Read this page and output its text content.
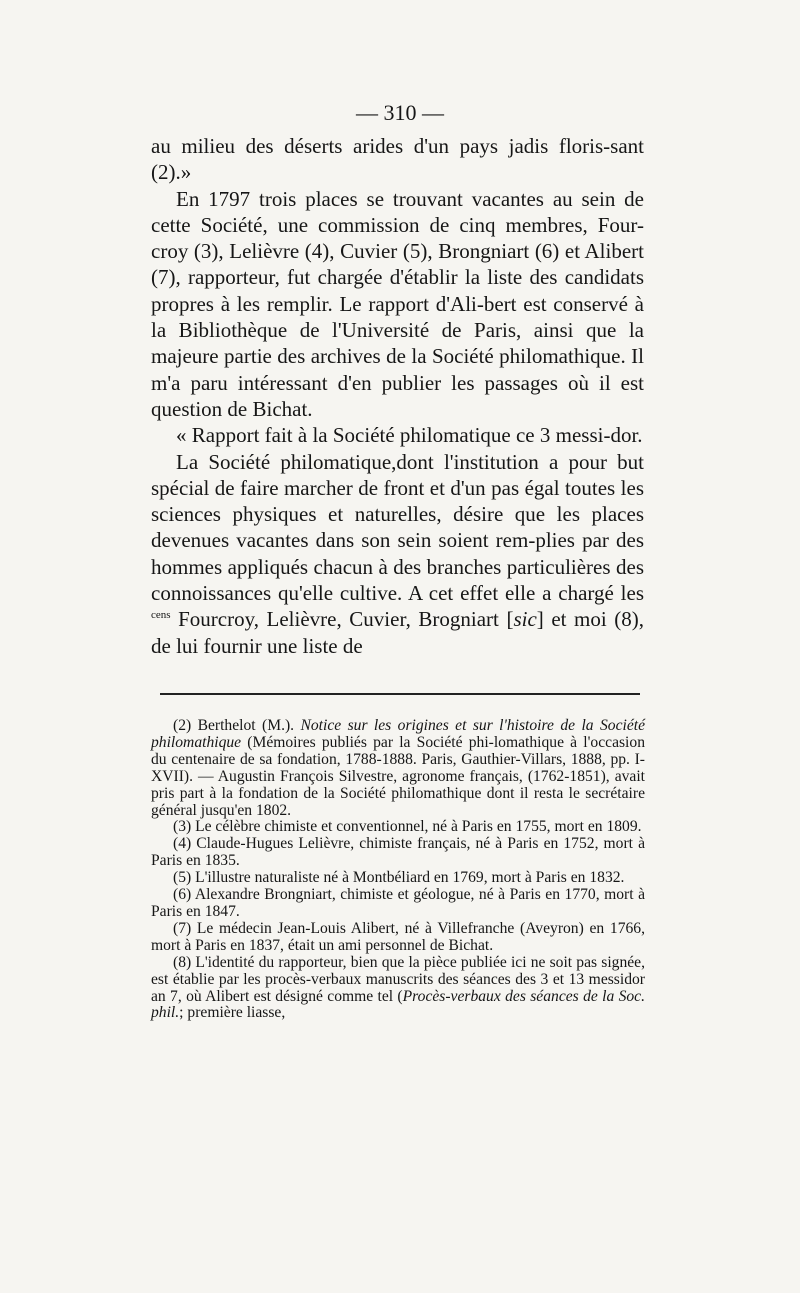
— 310 —

au milieu des déserts arides d'un pays jadis floris-sant (2).»

En 1797 trois places se trouvant vacantes au sein de cette Société, une commission de cinq membres, Four-croy (3), Lelièvre (4), Cuvier (5), Brongniart (6) et Alibert (7), rapporteur, fut chargée d'établir la liste des candidats propres à les remplir. Le rapport d'Ali-bert est conservé à la Bibliothèque de l'Université de Paris, ainsi que la majeure partie des archives de la Société philomathique. Il m'a paru intéressant d'en publier les passages où il est question de Bichat.

« Rapport fait à la Société philomatique ce 3 messi-dor.

La Société philomatique,dont l'institution a pour but spécial de faire marcher de front et d'un pas égal toutes les sciences physiques et naturelles, désire que les places devenues vacantes dans son sein soient rem-plies par des hommes appliqués chacun à des branches particulières des connoissances qu'elle cultive. A cet effet elle a chargé les $^{cens}$ Fourcroy, Lelièvre, Cuvier, Brogniart [sic] et moi (8), de lui fournir une liste de

(2) Berthelot (M.). Notice sur les origines et sur l'histoire de la Société philomathique (Mémoires publiés par la Société phi-lomathique à l'occasion du centenaire de sa fondation, 1788-1888. Paris, Gauthier-Villars, 1888, pp. I-XVII). — Augustin François Silvestre, agronome français, (1762-1851), avait pris part à la fondation de la Société philomathique dont il resta le secrétaire général jusqu'en 1802.

(3) Le célèbre chimiste et conventionnel, né à Paris en 1755, mort en 1809.

(4) Claude-Hugues Lelièvre, chimiste français, né à Paris en 1752, mort à Paris en 1835.

(5) L'illustre naturaliste né à Montbéliard en 1769, mort à Paris en 1832.

(6) Alexandre Brongniart, chimiste et géologue, né à Paris en 1770, mort à Paris en 1847.

(7) Le médecin Jean-Louis Alibert, né à Villefranche (Aveyron) en 1766, mort à Paris en 1837, était un ami personnel de Bichat.

(8) L'identité du rapporteur, bien que la pièce publiée ici ne soit pas signée, est établie par les procès-verbaux manuscrits des séances des 3 et 13 messidor an 7, où Alibert est désigné comme tel (Procès-verbaux des séances de la Soc. phil.; première liasse,
